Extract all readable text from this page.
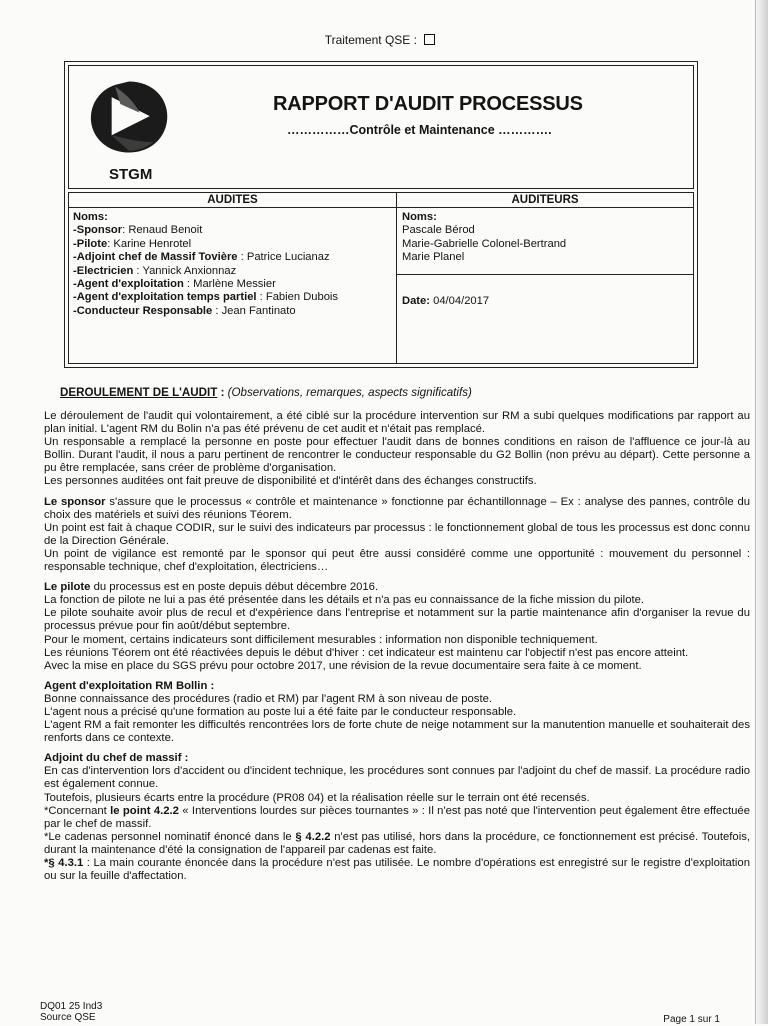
Traitement QSE :
STGM
RAPPORT D'AUDIT PROCESSUS
……………Contrôle et Maintenance ………….
AUDITES	AUDITEURS
Noms:
-Sponsor: Renaud Benoit
-Pilote: Karine Henrotel
-Adjoint chef de Massif Tovière : Patrice Lucianaz
-Electricien : Yannick Anxionnaz
-Agent d'exploitation : Marlène Messier
-Agent d'exploitation temps partiel : Fabien Dubois
-Conducteur Responsable : Jean Fantinato
Noms:
Pascale Bérod
Marie-Gabrielle Colonel-Bertrand
Marie Planel
Date: 04/04/2017
DEROULEMENT DE L'AUDIT : (Observations, remarques, aspects significatifs)

Le déroulement de l'audit qui volontairement, a été ciblé sur la procédure intervention sur RM a subi quelques modifications par rapport au plan initial. L'agent RM du Bolin n'a pas été prévenu de cet audit et n'était pas remplacé.

Un responsable a remplacé la personne en poste pour effectuer l'audit dans de bonnes conditions en raison de l'affluence ce jour-là au Bollin. Durant l'audit, il nous a paru pertinent de rencontrer le conducteur responsable du G2 Bollin (non prévu au départ). Cette personne a pu être remplacée, sans créer de problème d'organisation.

Les personnes auditées ont fait preuve de disponibilité et d'intérêt dans des échanges constructifs.

Le sponsor s'assure que le processus « contrôle et maintenance » fonctionne par échantillonnage – Ex : analyse des pannes, contrôle du choix des matériels et suivi des réunions Téorem.

Un point est fait à chaque CODIR, sur le suivi des indicateurs par processus : le fonctionnement global de tous les processus est donc connu de la Direction Générale.

Un point de vigilance est remonté par le sponsor qui peut être aussi considéré comme une opportunité : mouvement du personnel : responsable technique, chef d'exploitation, électriciens…

Le pilote du processus est en poste depuis début décembre 2016.

La fonction de pilote ne lui a pas été présentée dans les détails et n'a pas eu connaissance de la fiche mission du pilote.

Le pilote souhaite avoir plus de recul et d'expérience dans l'entreprise et notamment sur la partie maintenance afin d'organiser la revue du processus prévue pour fin août/début septembre.

Pour le moment, certains indicateurs sont difficilement mesurables : information non disponible techniquement.

Les réunions Téorem ont été réactivées depuis le début d'hiver : cet indicateur est maintenu car l'objectif n'est pas encore atteint.

Avec la mise en place du SGS prévu pour octobre 2017, une révision de la revue documentaire sera faite à ce moment.

Agent d'exploitation RM Bollin :

Bonne connaissance des procédures (radio et RM) par l'agent RM à son niveau de poste.

L'agent nous a précisé qu'une formation au poste lui a été faite par le conducteur responsable.

L'agent RM a fait remonter les difficultés rencontrées lors de forte chute de neige notamment sur la manutention manuelle et souhaiterait des renforts dans ce contexte.

Adjoint du chef de massif :

En cas d'intervention lors d'accident ou d'incident technique, les procédures sont connues par l'adjoint du chef de massif. La procédure radio est également connue.

Toutefois, plusieurs écarts entre la procédure (PR08 04) et la réalisation réelle sur le terrain ont été recensés.

*Concernant le point 4.2.2 « Interventions lourdes sur pièces tournantes » : Il n'est pas noté que l'intervention peut également être effectuée par le chef de massif.

*Le cadenas personnel nominatif énoncé dans le § 4.2.2 n'est pas utilisé, hors dans la procédure, ce fonctionnement est précisé. Toutefois, durant la maintenance d'été la consignation de l'appareil par cadenas est faite.

*§ 4.3.1 : La main courante énoncée dans la procédure n'est pas utilisée. Le nombre d'opérations est enregistré sur le registre d'exploitation ou sur la feuille d'affectation.

DQ01 25 Ind3
Source QSE	Page 1 sur 1
